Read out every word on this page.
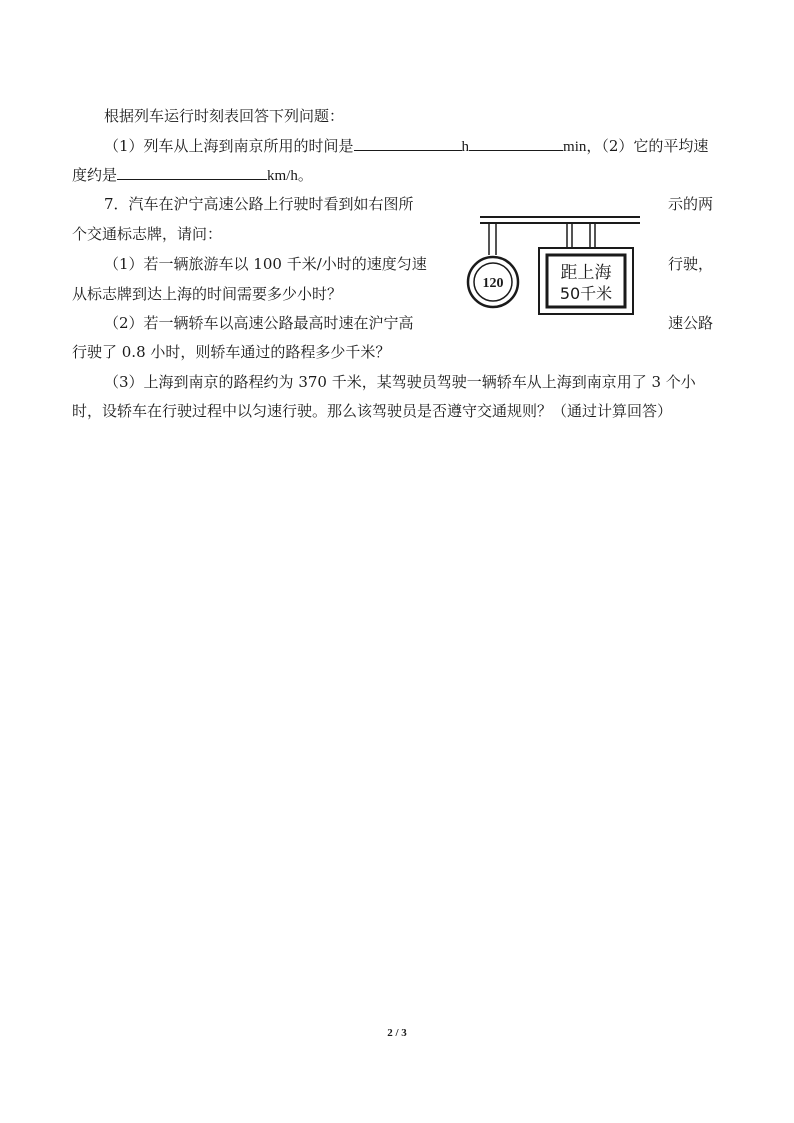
根据列车运行时刻表回答下列问题：
（1）列车从上海到南京所用的时间是	h	min，（2）它的平均速
度约是	km/h。
7．汽车在沪宁高速公路上行驶时看到如右图所	示的两
个交通标志牌，请问：
（1）若一辆旅游车以 100 千米/小时的速度匀速	行驶，
从标志牌到达上海的时间需要多少小时？
（2）若一辆轿车以高速公路最高时速在沪宁高	速公路
行驶了 0.8 小时，则轿车通过的路程多少千米？
（3）上海到南京的路程约为 370 千米，某驾驶员驾驶一辆轿车从上海到南京用了 3 个小
时，设轿车在行驶过程中以匀速行驶。那么该驾驶员是否遵守交通规则？（通过计算回答）
120
距上海
50千米
2 / 3
